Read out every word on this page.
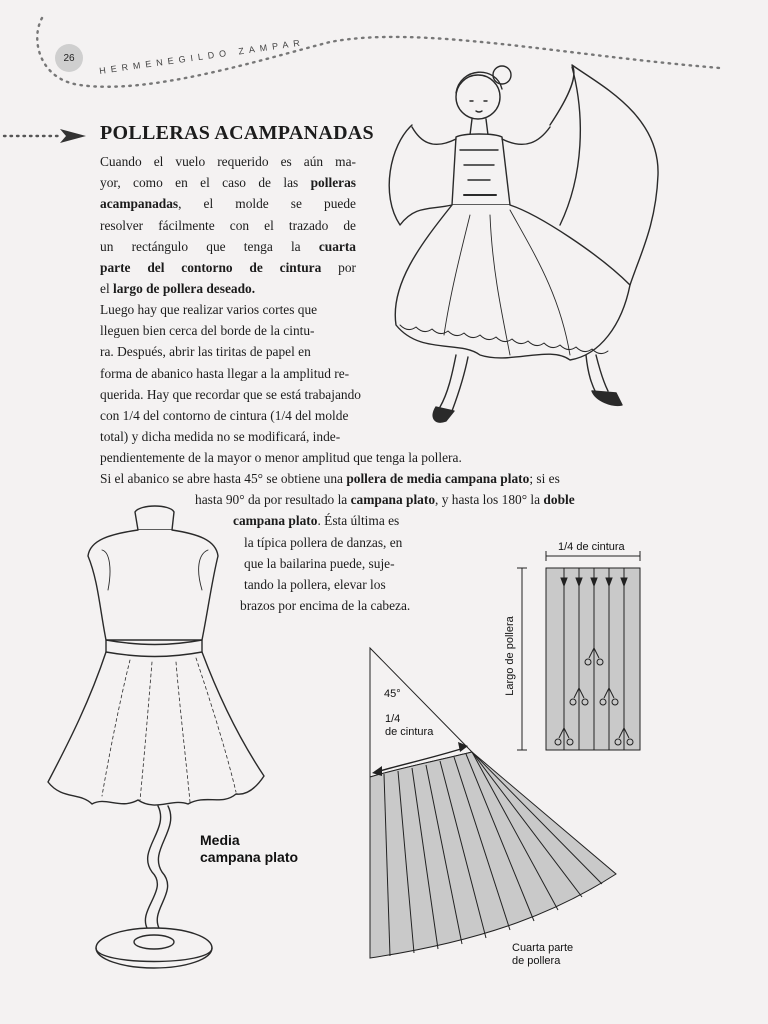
26	HERMENEGILDO ZAMPAR
POLLERAS ACAMPANADAS
Cuando el vuelo requerido es aún ma-
yor, como en el caso de las polleras
acampanadas, el molde se puede
resolver fácilmente con el trazado de
un rectángulo que tenga la cuarta
parte del contorno de cintura por
el largo de pollera deseado.
Luego hay que realizar varios cortes que
lleguen bien cerca del borde de la cintu-
ra. Después, abrir las tiritas de papel en
forma de abanico hasta llegar a la amplitud re-
querida. Hay que recordar que se está trabajando
con 1/4 del contorno de cintura (1/4 del molde
total) y dicha medida no se modificará, inde-
pendientemente de la mayor o menor amplitud que tenga la pollera.
Si el abanico se abre hasta 45° se obtiene una pollera de media campana plato; si es
hasta 90° da por resultado la campana plato, y hasta los 180° la doble
campana plato. Ésta última es
la típica pollera de danzas, en
que la bailarina puede, suje-
tando la pollera, elevar los
brazos por encima de la cabeza.
Media
campana plato
1/4 de cintura
Largo de pollera
45°
1/4
de cintura
Cuarta parte
de pollera
